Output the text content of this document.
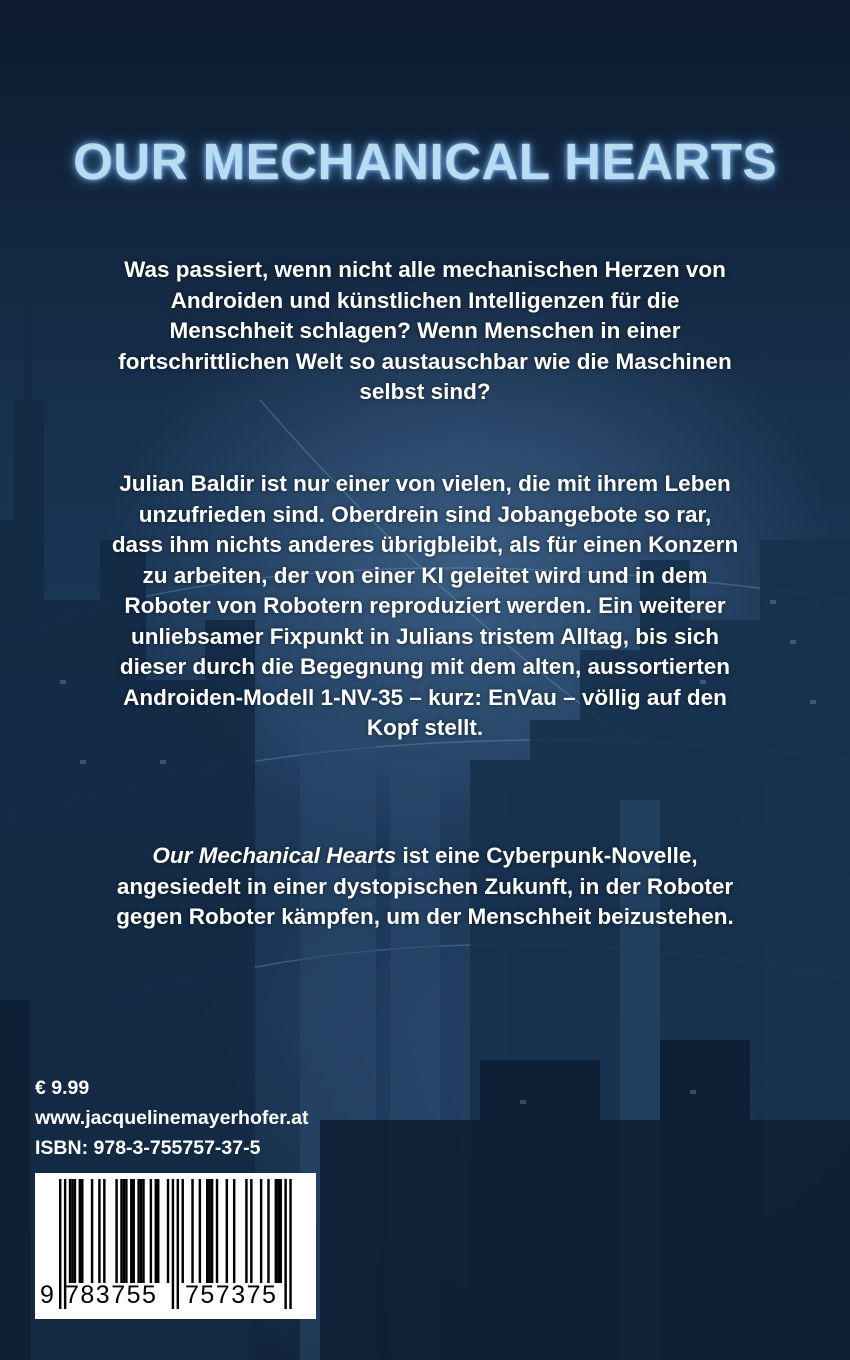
OUR MECHANICAL HEARTS
Was passiert, wenn nicht alle mechanischen Herzen von Androiden und künstlichen Intelligenzen für die Menschheit schlagen? Wenn Menschen in einer fortschrittlichen Welt so austauschbar wie die Maschinen selbst sind?
Julian Baldir ist nur einer von vielen, die mit ihrem Leben unzufrieden sind. Oberdrein sind Jobangebote so rar, dass ihm nichts anderes übrigbleibt, als für einen Konzern zu arbeiten, der von einer KI geleitet wird und in dem Roboter von Robotern reproduziert werden. Ein weiterer unliebsamer Fixpunkt in Julians tristem Alltag, bis sich dieser durch die Begegnung mit dem alten, aussortierten Androiden-Modell 1-NV-35 – kurz: EnVau – völlig auf den Kopf stellt.
Our Mechanical Hearts ist eine Cyberpunk-Novelle, angesiedelt in einer dystopischen Zukunft, in der Roboter gegen Roboter kämpfen, um der Menschheit beizustehen.
€ 9.99
www.jacquelinemayerhofer.at
ISBN: 978-3-755757-37-5
9 783755 757375
